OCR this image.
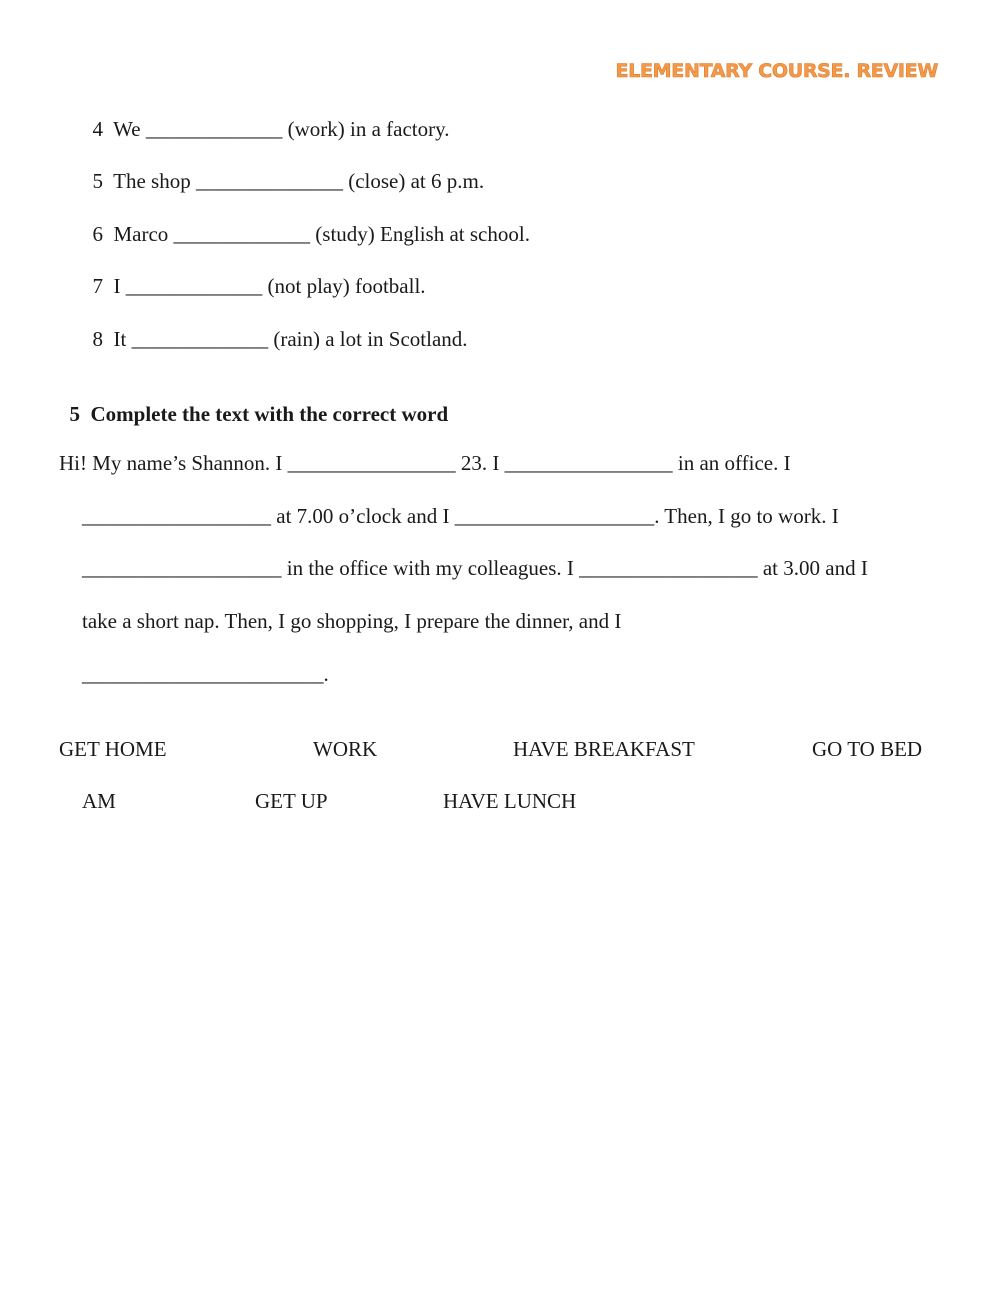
ELEMENTARY COURSE. REVIEW

4 We _____________ (work) in a factory.

5 The shop ______________ (close) at 6 p.m.

6 Marco _____________ (study) English at school.

7 I _____________ (not play) football.

8 It _____________ (rain) a lot in Scotland.

5 Complete the text with the correct word

Hi! My name’s Shannon. I ________________ 23. I ________________ in an office. I
__________________ at 7.00 o’clock and I ___________________. Then, I go to work. I
___________________ in the office with my colleagues. I _________________ at 3.00 and I
take a short nap. Then, I go shopping, I prepare the dinner, and I
_______________________.
GET HOME	WORK	HAVE BREAKFAST	GO TO BED
AM	GET UP	HAVE LUNCH
